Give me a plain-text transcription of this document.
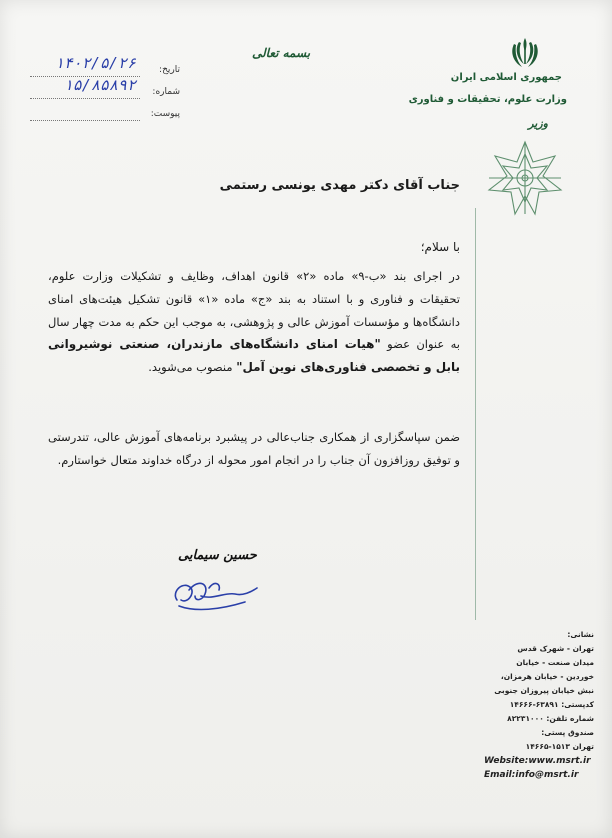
جمهوری اسلامی ایران
وزارت علوم، تحقیقات و فناوری
وزیر
بسمه تعالی
تاریخ:
۱۴۰۲/۵/۲۶
شماره:
۱۵/۸۵۸۹۲
پیوست:
جناب آقای دکتر مهدی یونسی رستمی
با سلام؛
در اجرای بند «ب-۹» ماده «۲» قانون اهداف، وظایف و تشکیلات وزارت علوم، تحقیقات و فناوری و با استناد به بند «ج» ماده «۱» قانون تشکیل هیئت‌های امنای دانشگاه‌ها و مؤسسات آموزش عالی و پژوهشی، به موجب این حکم به مدت چهار سال به عنوان عضو "هیات امنای دانشگاه‌های مازندران، صنعتی نوشیروانی بابل و تخصصی فناوری‌های نوین آمل" منصوب می‌شوید.
ضمن سپاسگزاری از همکاری جناب‌عالی در پیشبرد برنامه‌های آموزش عالی، تندرستی و توفیق روزافزون آن جناب را در انجام امور محوله از درگاه خداوند متعال خواستارم.
حسین سیمایی
نشانی:
تهران - شهرک قدس
میدان صنعت - خیابان
خوردین - خیابان هرمزان،
نبش خیابان پیروزان جنوبی
کدپستی: ۶۳۸۹۱-۱۴۶۶۶
شماره تلفن: ۸۲۲۳۱۰۰۰
صندوق پستی:
تهران ۱۵۱۳-۱۴۶۶۵
Website:www.msrt.ir
Email:info@msrt.ir
